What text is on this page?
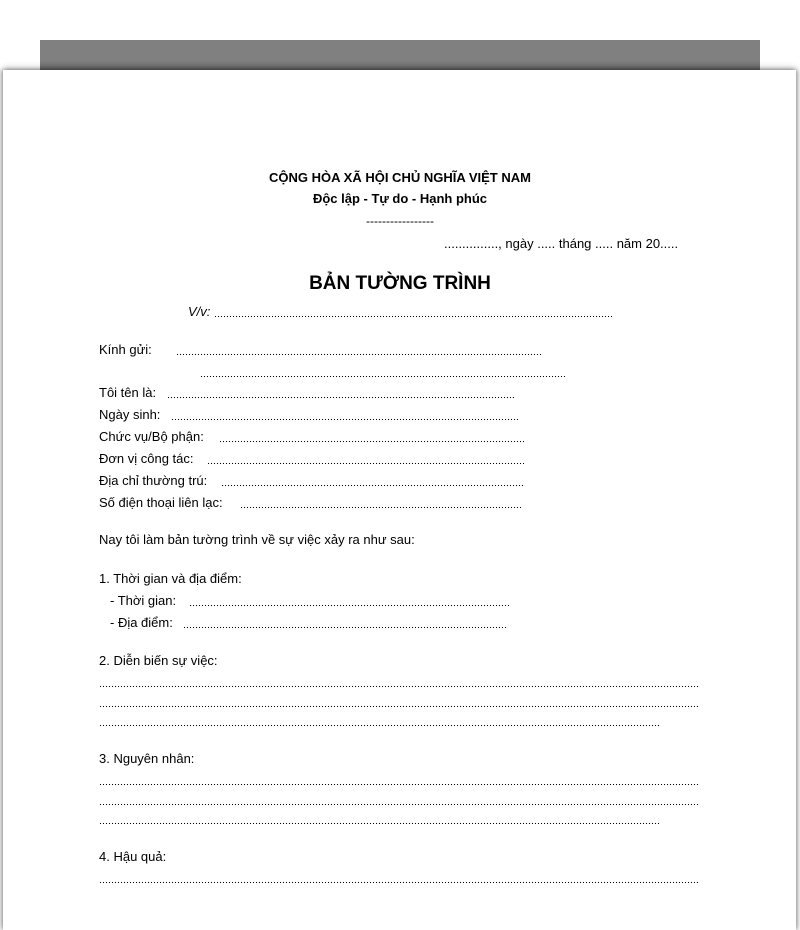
CỘNG HÒA XÃ HỘI CHỦ NGHĨA VIỆT NAM
Độc lập - Tự do - Hạnh phúc
-----------------
..............., ngày ..... tháng ..... năm 20.....
BẢN TƯỜNG TRÌNH
V/v:
Kính gửi:
Tôi tên là:
Ngày sinh:
Chức vụ/Bộ phận:
Đơn vị công tác:
Địa chỉ thường trú:
Số điện thoại liên lạc:
Nay tôi làm bản tường trình về sự việc xảy ra như sau:
1. Thời gian và địa điểm:
- Thời gian:
- Địa điểm:
2. Diễn biến sự việc:
3. Nguyên nhân:
4. Hậu quả:
